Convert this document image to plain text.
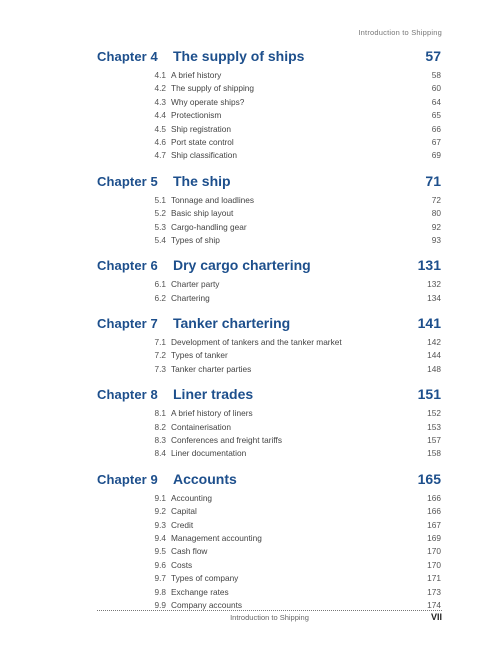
Introduction to Shipping
Chapter 4	The supply of ships	57
4.1 A brief history	58
4.2 The supply of shipping	60
4.3 Why operate ships?	64
4.4 Protectionism	65
4.5 Ship registration	66
4.6 Port state control	67
4.7 Ship classification	69
Chapter 5	The ship	71
5.1 Tonnage and loadlines	72
5.2 Basic ship layout	80
5.3 Cargo-handling gear	92
5.4 Types of ship	93
Chapter 6	Dry cargo chartering	131
6.1 Charter party	132
6.2 Chartering	134
Chapter 7	Tanker chartering	141
7.1 Development of tankers and the tanker market	142
7.2 Types of tanker	144
7.3 Tanker charter parties	148
Chapter 8	Liner trades	151
8.1 A brief history of liners	152
8.2 Containerisation	153
8.3 Conferences and freight tariffs	157
8.4 Liner documentation	158
Chapter 9	Accounts	165
9.1 Accounting	166
9.2 Capital	166
9.3 Credit	167
9.4 Management accounting	169
9.5 Cash flow	170
9.6 Costs	170
9.7 Types of company	171
9.8 Exchange rates	173
9.9 Company accounts	174
Introduction to Shipping	VII
